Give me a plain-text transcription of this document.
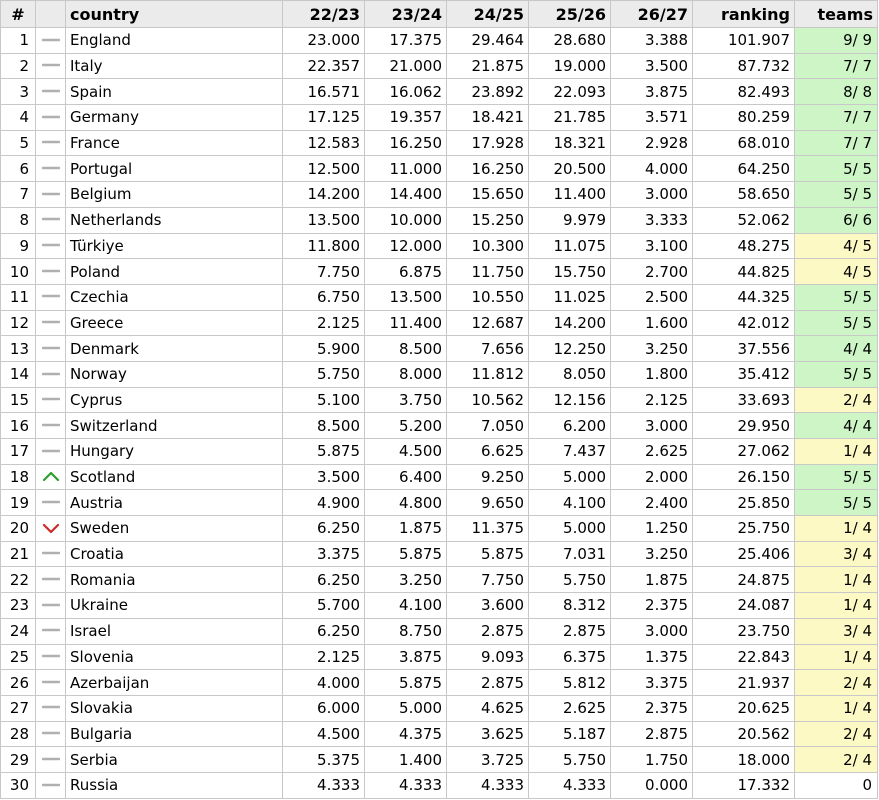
#		country	22/23	23/24	24/25	25/26	26/27	ranking	teams
1		England	23.000	17.375	29.464	28.680	3.388	101.907	9/ 9
2		Italy	22.357	21.000	21.875	19.000	3.500	87.732	7/ 7
3		Spain	16.571	16.062	23.892	22.093	3.875	82.493	8/ 8
4		Germany	17.125	19.357	18.421	21.785	3.571	80.259	7/ 7
5		France	12.583	16.250	17.928	18.321	2.928	68.010	7/ 7
6		Portugal	12.500	11.000	16.250	20.500	4.000	64.250	5/ 5
7		Belgium	14.200	14.400	15.650	11.400	3.000	58.650	5/ 5
8		Netherlands	13.500	10.000	15.250	9.979	3.333	52.062	6/ 6
9		Türkiye	11.800	12.000	10.300	11.075	3.100	48.275	4/ 5
10		Poland	7.750	6.875	11.750	15.750	2.700	44.825	4/ 5
11		Czechia	6.750	13.500	10.550	11.025	2.500	44.325	5/ 5
12		Greece	2.125	11.400	12.687	14.200	1.600	42.012	5/ 5
13		Denmark	5.900	8.500	7.656	12.250	3.250	37.556	4/ 4
14		Norway	5.750	8.000	11.812	8.050	1.800	35.412	5/ 5
15		Cyprus	5.100	3.750	10.562	12.156	2.125	33.693	2/ 4
16		Switzerland	8.500	5.200	7.050	6.200	3.000	29.950	4/ 4
17		Hungary	5.875	4.500	6.625	7.437	2.625	27.062	1/ 4
18		Scotland	3.500	6.400	9.250	5.000	2.000	26.150	5/ 5
19		Austria	4.900	4.800	9.650	4.100	2.400	25.850	5/ 5
20		Sweden	6.250	1.875	11.375	5.000	1.250	25.750	1/ 4
21		Croatia	3.375	5.875	5.875	7.031	3.250	25.406	3/ 4
22		Romania	6.250	3.250	7.750	5.750	1.875	24.875	1/ 4
23		Ukraine	5.700	4.100	3.600	8.312	2.375	24.087	1/ 4
24		Israel	6.250	8.750	2.875	2.875	3.000	23.750	3/ 4
25		Slovenia	2.125	3.875	9.093	6.375	1.375	22.843	1/ 4
26		Azerbaijan	4.000	5.875	2.875	5.812	3.375	21.937	2/ 4
27		Slovakia	6.000	5.000	4.625	2.625	2.375	20.625	1/ 4
28		Bulgaria	4.500	4.375	3.625	5.187	2.875	20.562	2/ 4
29		Serbia	5.375	1.400	3.725	5.750	1.750	18.000	2/ 4
30		Russia	4.333	4.333	4.333	4.333	0.000	17.332	0
